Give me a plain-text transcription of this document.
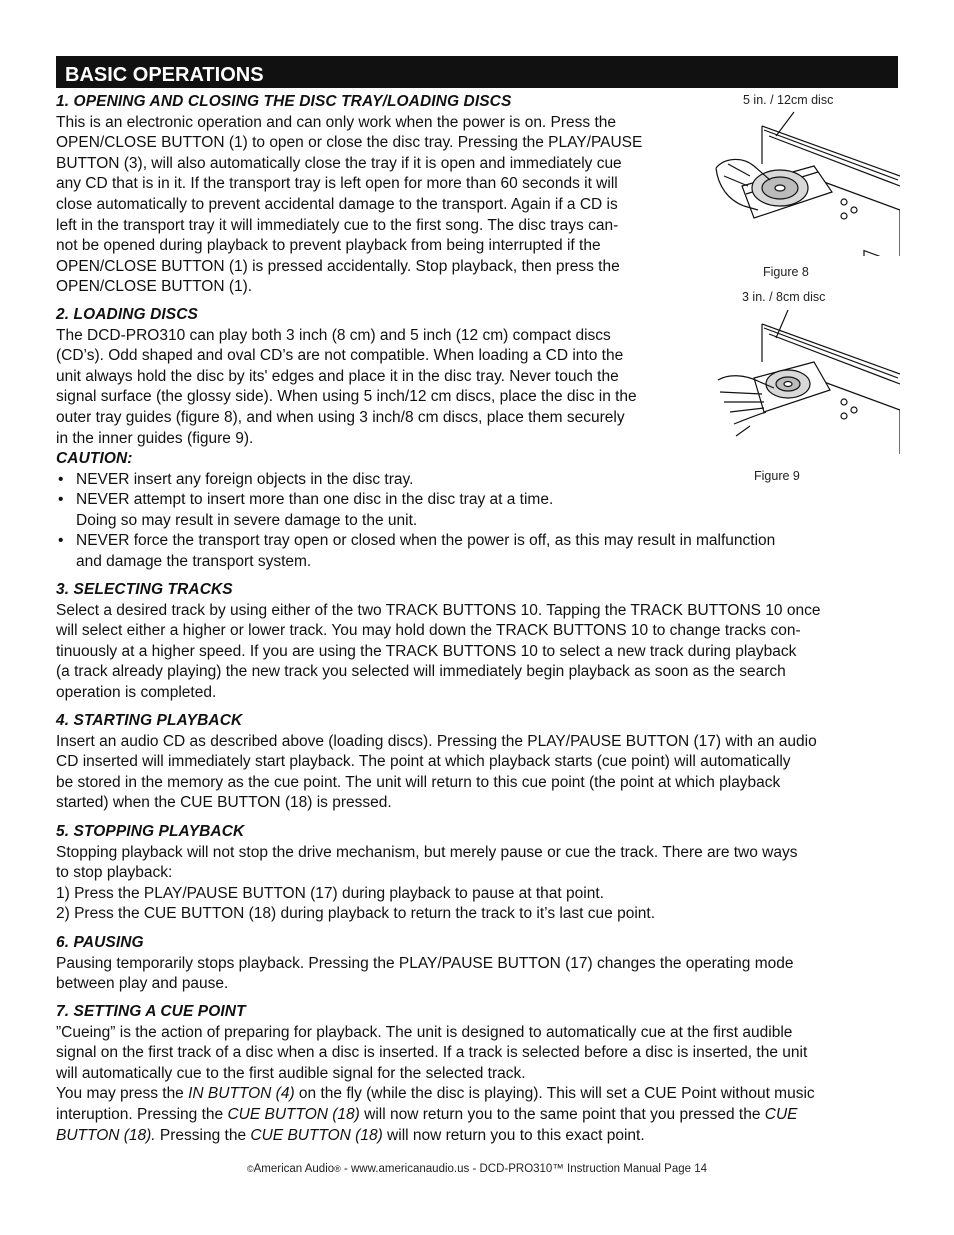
BASIC OPERATIONS

1. OPENING AND CLOSING THE DISC TRAY/LOADING DISCS

This is an electronic operation and can only work when the power is on. Press the

OPEN/CLOSE BUTTON (1) to open or close the disc tray. Pressing the PLAY/PAUSE

BUTTON (3), will also automatically close the tray if it is open and immediately cue

any CD that is in it. If the transport tray is left open for more than 60 seconds it will

close automatically to prevent accidental damage to the transport. Again if a CD is

left in the transport tray it will immediately cue to the first song. The disc trays can-

not be opened during playback to prevent playback from being interrupted if the

OPEN/CLOSE BUTTON (1) is pressed accidentally. Stop playback, then press the

OPEN/CLOSE BUTTON (1).

2. LOADING DISCS

The DCD-PRO310 can play both 3 inch (8 cm) and 5 inch (12 cm) compact discs

(CD’s). Odd shaped and oval CD’s are not compatible. When loading a CD into the

unit always hold the disc by its' edges and place it in the disc tray. Never touch the

signal surface (the glossy side). When using 5 inch/12 cm discs, place the disc in the

outer tray guides (figure 8), and when using 3 inch/8 cm discs, place them securely

in the inner guides (figure 9).

CAUTION:

• NEVER insert any foreign objects in the disc tray.

• NEVER attempt to insert more than one disc in the disc tray at a time.

Doing so may result in severe damage to the unit.

• NEVER force the transport tray open or closed when the power is off, as this may result in malfunction

and damage the transport system.

3. SELECTING TRACKS

Select a desired track by using either of the two TRACK BUTTONS 10. Tapping the TRACK BUTTONS 10 once

will select either a higher or lower track. You may hold down the TRACK BUTTONS 10 to change tracks con-

tinuously at a higher speed. If you are using the TRACK BUTTONS 10 to select a new track during playback

(a track already playing) the new track you selected will immediately begin playback as soon as the search

operation is completed.

4. STARTING PLAYBACK

Insert an audio CD as described above (loading discs). Pressing the PLAY/PAUSE BUTTON (17) with an audio

CD inserted will immediately start playback. The point at which playback starts (cue point) will automatically

be stored in the memory as the cue point. The unit will return to this cue point (the point at which playback

started) when the CUE BUTTON (18) is pressed.

5. STOPPING PLAYBACK

Stopping playback will not stop the drive mechanism, but merely pause or cue the track. There are two ways

to stop playback:

1) Press the PLAY/PAUSE BUTTON (17) during playback to pause at that point.

2) Press the CUE BUTTON (18) during playback to return the track to it’s last cue point.

6. PAUSING

Pausing temporarily stops playback. Pressing the PLAY/PAUSE BUTTON (17) changes the operating mode

between play and pause.

7. SETTING A CUE POINT

”Cueing” is the action of preparing for playback. The unit is designed to automatically cue at the first audible

signal on the first track of a disc when a disc is inserted. If a track is selected before a disc is inserted, the unit

will automatically cue to the first audible signal for the selected track.

You may press the IN BUTTON (4) on the fly (while the disc is playing). This will set a CUE Point without music

interuption. Pressing the CUE BUTTON (18) will now return you to the same point that you pressed the CUE

BUTTON (18). Pressing the CUE BUTTON (18) will now return you to this exact point.

5 in. / 12cm disc
Figure 8
3 in. / 8cm disc
Figure 9
©American Audio® - www.americanaudio.us - DCD-PRO310™ Instruction Manual Page 14
